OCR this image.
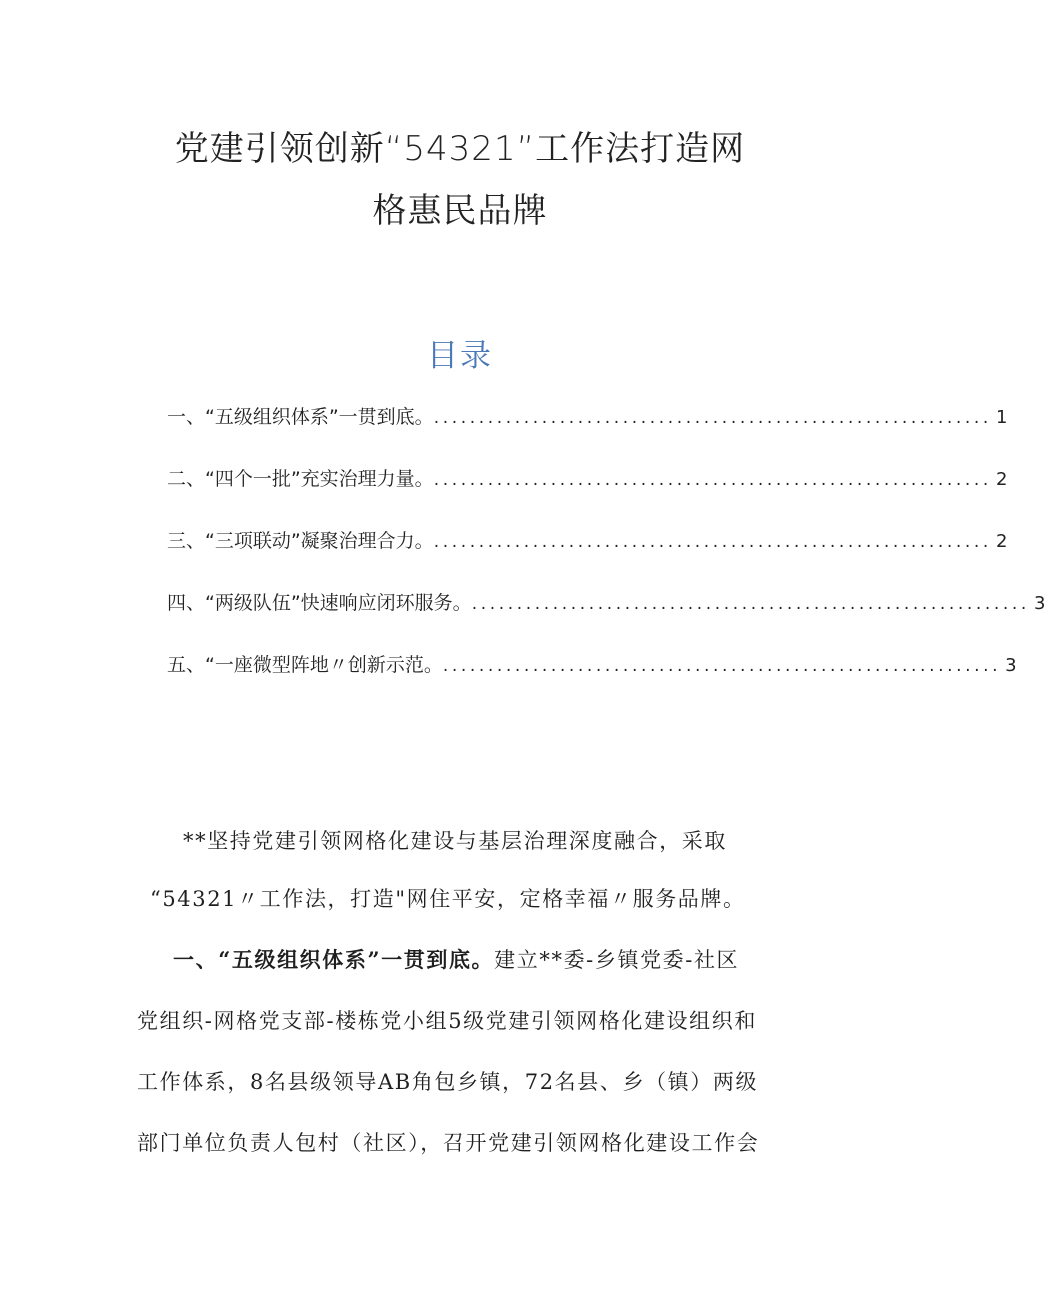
党建引领创新“54321”工作法打造网
格惠民品牌
目录
一、“五级组织体系”一贯到底。 .............................................................. 1
二、“四个一批”充实治理力量。 .............................................................. 2
三、“三项联动”凝聚治理合力。 .............................................................. 2
四、“两级队伍”快速响应闭环服务。 .............................................................. 3
五、“一座微型阵地〃创新示范。 .............................................................. 3
**坚持党建引领网格化建设与基层治理深度融合，采取
“54321〃工作法，打造"网住平安，定格幸福〃服务品牌。
一、“五级组织体系”一贯到底。建立**委-乡镇党委-社区
党组织-网格党支部-楼栋党小组5级党建引领网格化建设组织和
工作体系，8名县级领导AB角包乡镇，72名县、乡（镇）两级
部门单位负责人包村（社区），召开党建引领网格化建设工作会
